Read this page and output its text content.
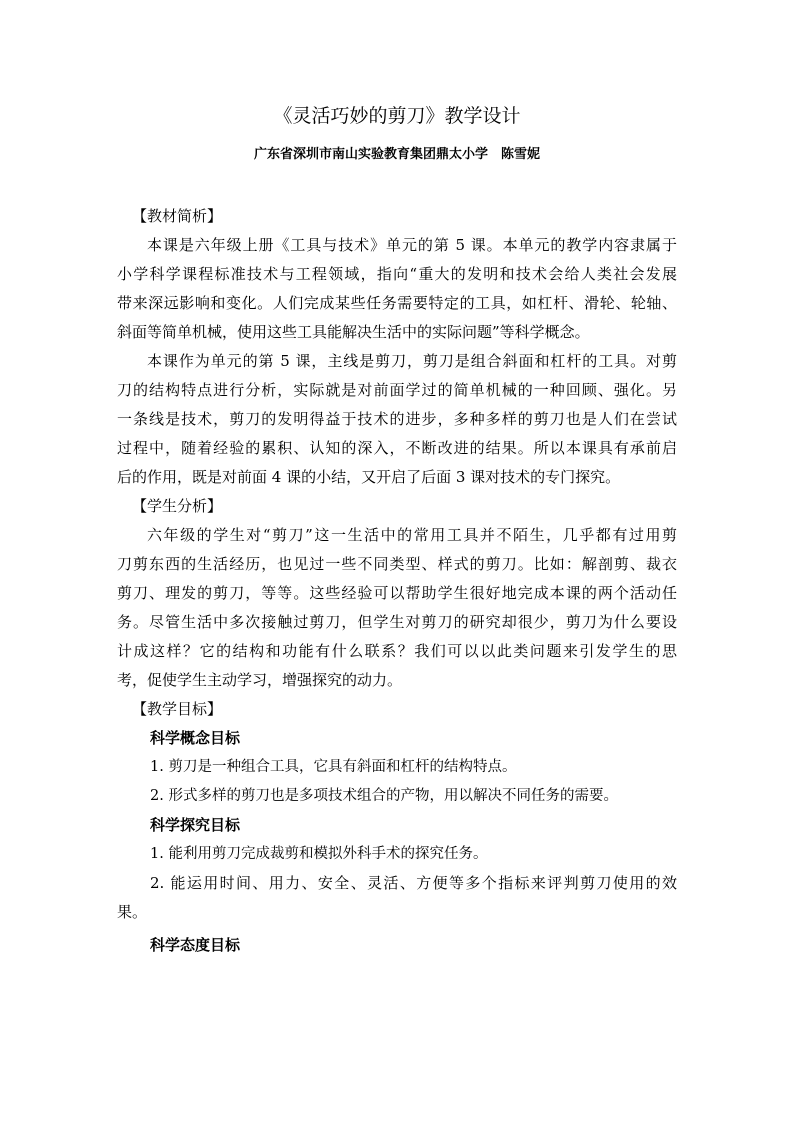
《灵活巧妙的剪刀》教学设计
广东省深圳市南山实验教育集团鼎太小学　陈雪妮
【教材简析】
本课是六年级上册《工具与技术》单元的第 5 课。本单元的教学内容隶属于
小学科学课程标准技术与工程领域，指向“重大的发明和技术会给人类社会发展
带来深远影响和变化。人们完成某些任务需要特定的工具，如杠杆、滑轮、轮轴、
斜面等简单机械，使用这些工具能解决生活中的实际问题”等科学概念。
本课作为单元的第 5 课，主线是剪刀，剪刀是组合斜面和杠杆的工具。对剪
刀的结构特点进行分析，实际就是对前面学过的简单机械的一种回顾、强化。另
一条线是技术，剪刀的发明得益于技术的进步，多种多样的剪刀也是人们在尝试
过程中，随着经验的累积、认知的深入，不断改进的结果。所以本课具有承前启
后的作用，既是对前面 4 课的小结，又开启了后面 3 课对技术的专门探究。
【学生分析】
六年级的学生对“剪刀”这一生活中的常用工具并不陌生，几乎都有过用剪
刀剪东西的生活经历，也见过一些不同类型、样式的剪刀。比如：解剖剪、裁衣
剪刀、理发的剪刀，等等。这些经验可以帮助学生很好地完成本课的两个活动任
务。尽管生活中多次接触过剪刀，但学生对剪刀的研究却很少，剪刀为什么要设
计成这样？它的结构和功能有什么联系？我们可以以此类问题来引发学生的思
考，促使学生主动学习，增强探究的动力。
【教学目标】
科学概念目标
1. 剪刀是一种组合工具，它具有斜面和杠杆的结构特点。
2. 形式多样的剪刀也是多项技术组合的产物，用以解决不同任务的需要。
科学探究目标
1. 能利用剪刀完成裁剪和模拟外科手术的探究任务。
2. 能运用时间、用力、安全、灵活、方便等多个指标来评判剪刀使用的效
果。
科学态度目标
